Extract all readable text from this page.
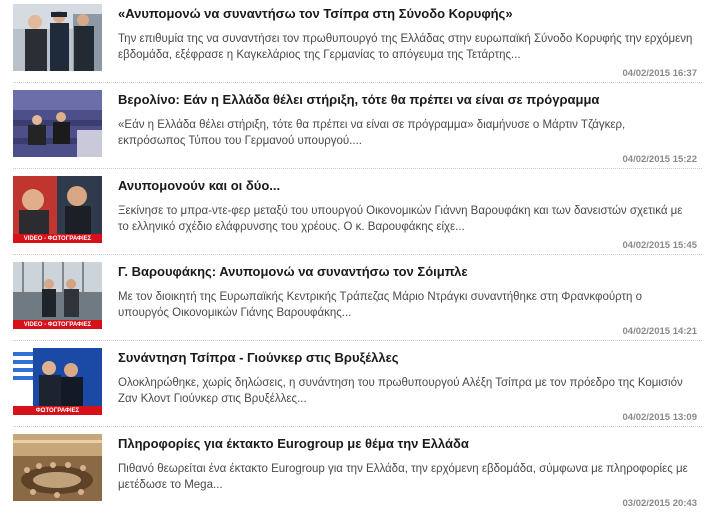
«Ανυπομονώ να συναντήσω τον Τσίπρα στη Σύνοδο Κορυφής»
Την επιθυμία της να συναντήσει τον πρωθυπουργό της Ελλάδας στην ευρωπαϊκή Σύνοδο Κορυφής την ερχόμενη εβδομάδα, εξέφρασε η Καγκελάριος της Γερμανίας το απόγευμα της Τετάρτης...
04/02/2015 16:37
Βερολίνο: Εάν η Ελλάδα θέλει στήριξη, τότε θα πρέπει να είναι σε πρόγραμμα
«Εάν η Ελλάδα θέλει στήριξη, τότε θα πρέπει να είναι σε πρόγραμμα» διαμήνυσε ο Μάρτιν Τζάγκερ, εκπρόσωπος Τύπου του Γερμανού υπουργού....
04/02/2015 15:22
VIDEO - ΦΩΤΟΓΡΑΦΙΕΣ
Ανυπομονούν και οι δύο...
Ξεκίνησε το μπρα-ντε-φερ μεταξύ του υπουργού Οικονομικών Γιάννη Βαρουφάκη και των δανειστών σχετικά με το ελληνικό σχέδιο ελάφρυνσης του χρέους. Ο κ. Βαρουφάκης είχε...
04/02/2015 15:45
VIDEO - ΦΩΤΟΓΡΑΦΙΕΣ
Γ. Βαρουφάκης: Ανυπομονώ να συναντήσω τον Σόιμπλε
Με τον διοικητή της Ευρωπαϊκής Κεντρικής Τράπεζας Μάριο Ντράγκι συναντήθηκε στη Φρανκφούρτη ο υπουργός Οικονομικών Γιάνης Βαρουφάκης...
04/02/2015 14:21
ΦΩΤΟΓΡΑΦΙΕΣ
Συνάντηση Τσίπρα - Γιούνκερ στις Βρυξέλλες
Ολοκληρώθηκε, χωρίς δηλώσεις, η συνάντηση του πρωθυπουργού Αλέξη Τσίπρα με τον πρόεδρο της Κομισιόν Ζαν Κλοντ Γιούνκερ στις Βρυξέλλες...
04/02/2015 13:09
Πληροφορίες για έκτακτο Eurogroup με θέμα την Ελλάδα
Πιθανό θεωρείται ένα έκτακτο Eurogroup για την Ελλάδα, την ερχόμενη εβδομάδα, σύμφωνα με πληροφορίες με μετέδωσε το Mega...
03/02/2015 20:43
